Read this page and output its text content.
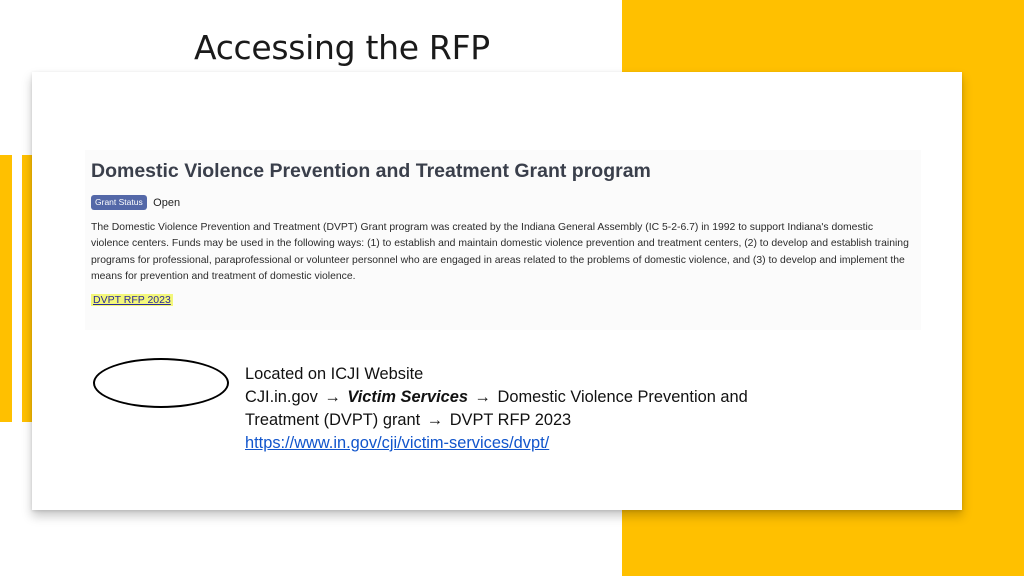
Accessing the RFP
Domestic Violence Prevention and Treatment Grant program
Grant Status Open

The Domestic Violence Prevention and Treatment (DVPT) Grant program was created by the Indiana General Assembly (IC 5-2-6.7) in 1992 to support Indiana's domestic violence centers. Funds may be used in the following ways: (1) to establish and maintain domestic violence prevention and treatment centers, (2) to develop and establish training programs for professional, paraprofessional or volunteer personnel who are engaged in areas related to the problems of domestic violence, and (3) to develop and implement the means for prevention and treatment of domestic violence.

DVPT RFP 2023
Located on ICJI Website
CJI.in.gov → Victim Services → Domestic Violence Prevention and
Treatment (DVPT) grant → DVPT RFP 2023
https://www.in.gov/cji/victim-services/dvpt/
